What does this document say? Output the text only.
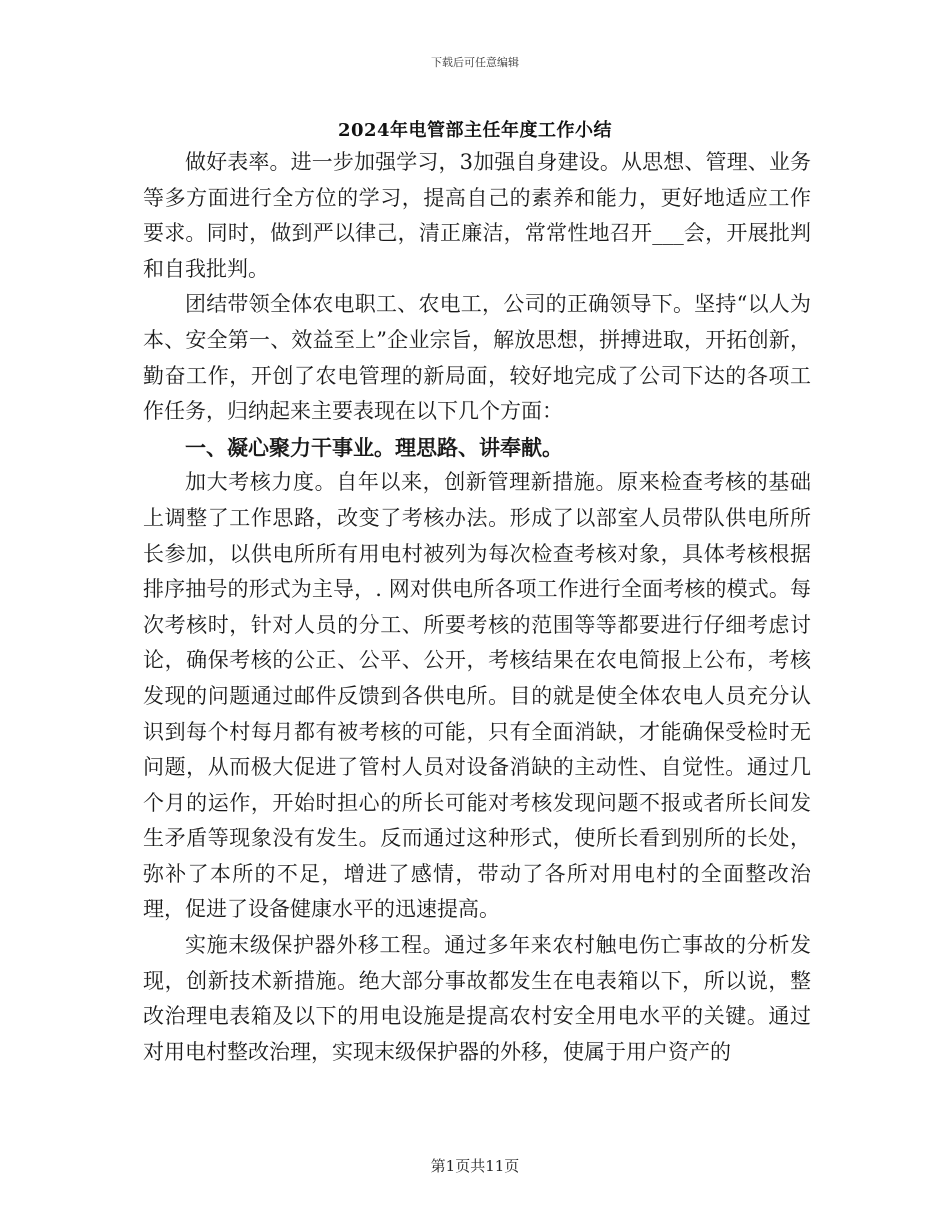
下载后可任意编辑
2024年电管部主任年度工作小结

做好表率。进一步加强学习，3加强自身建设。从思想、管理、业务等多方面进行全方位的学习，提高自己的素养和能力，更好地适应工作要求。同时，做到严以律己，清正廉洁，常常性地召开___会，开展批判和自我批判。

团结带领全体农电职工、农电工，公司的正确领导下。坚持“以人为本、安全第一、效益至上”企业宗旨，解放思想，拼搏进取，开拓创新，勤奋工作，开创了农电管理的新局面，较好地完成了公司下达的各项工作任务，归纳起来主要表现在以下几个方面：

一、凝心聚力干事业。理思路、讲奉献。

加大考核力度。自年以来，创新管理新措施。原来检查考核的基础上调整了工作思路，改变了考核办法。形成了以部室人员带队供电所所长参加，以供电所所有用电村被列为每次检查考核对象，具体考核根据排序抽号的形式为主导，. 网对供电所各项工作进行全面考核的模式。每次考核时，针对人员的分工、所要考核的范围等等都要进行仔细考虑讨论，确保考核的公正、公平、公开，考核结果在农电简报上公布，考核发现的问题通过邮件反馈到各供电所。目的就是使全体农电人员充分认识到每个村每月都有被考核的可能，只有全面消缺，才能确保受检时无问题，从而极大促进了管村人员对设备消缺的主动性、自觉性。通过几个月的运作，开始时担心的所长可能对考核发现问题不报或者所长间发生矛盾等现象没有发生。反而通过这种形式，使所长看到别所的长处，弥补了本所的不足，增进了感情，带动了各所对用电村的全面整改治理，促进了设备健康水平的迅速提高。

实施末级保护器外移工程。通过多年来农村触电伤亡事故的分析发现，创新技术新措施。绝大部分事故都发生在电表箱以下，所以说，整改治理电表箱及以下的用电设施是提高农村安全用电水平的关键。通过对用电村整改治理，实现末级保护器的外移，使属于用户资产的

第1页共11页
